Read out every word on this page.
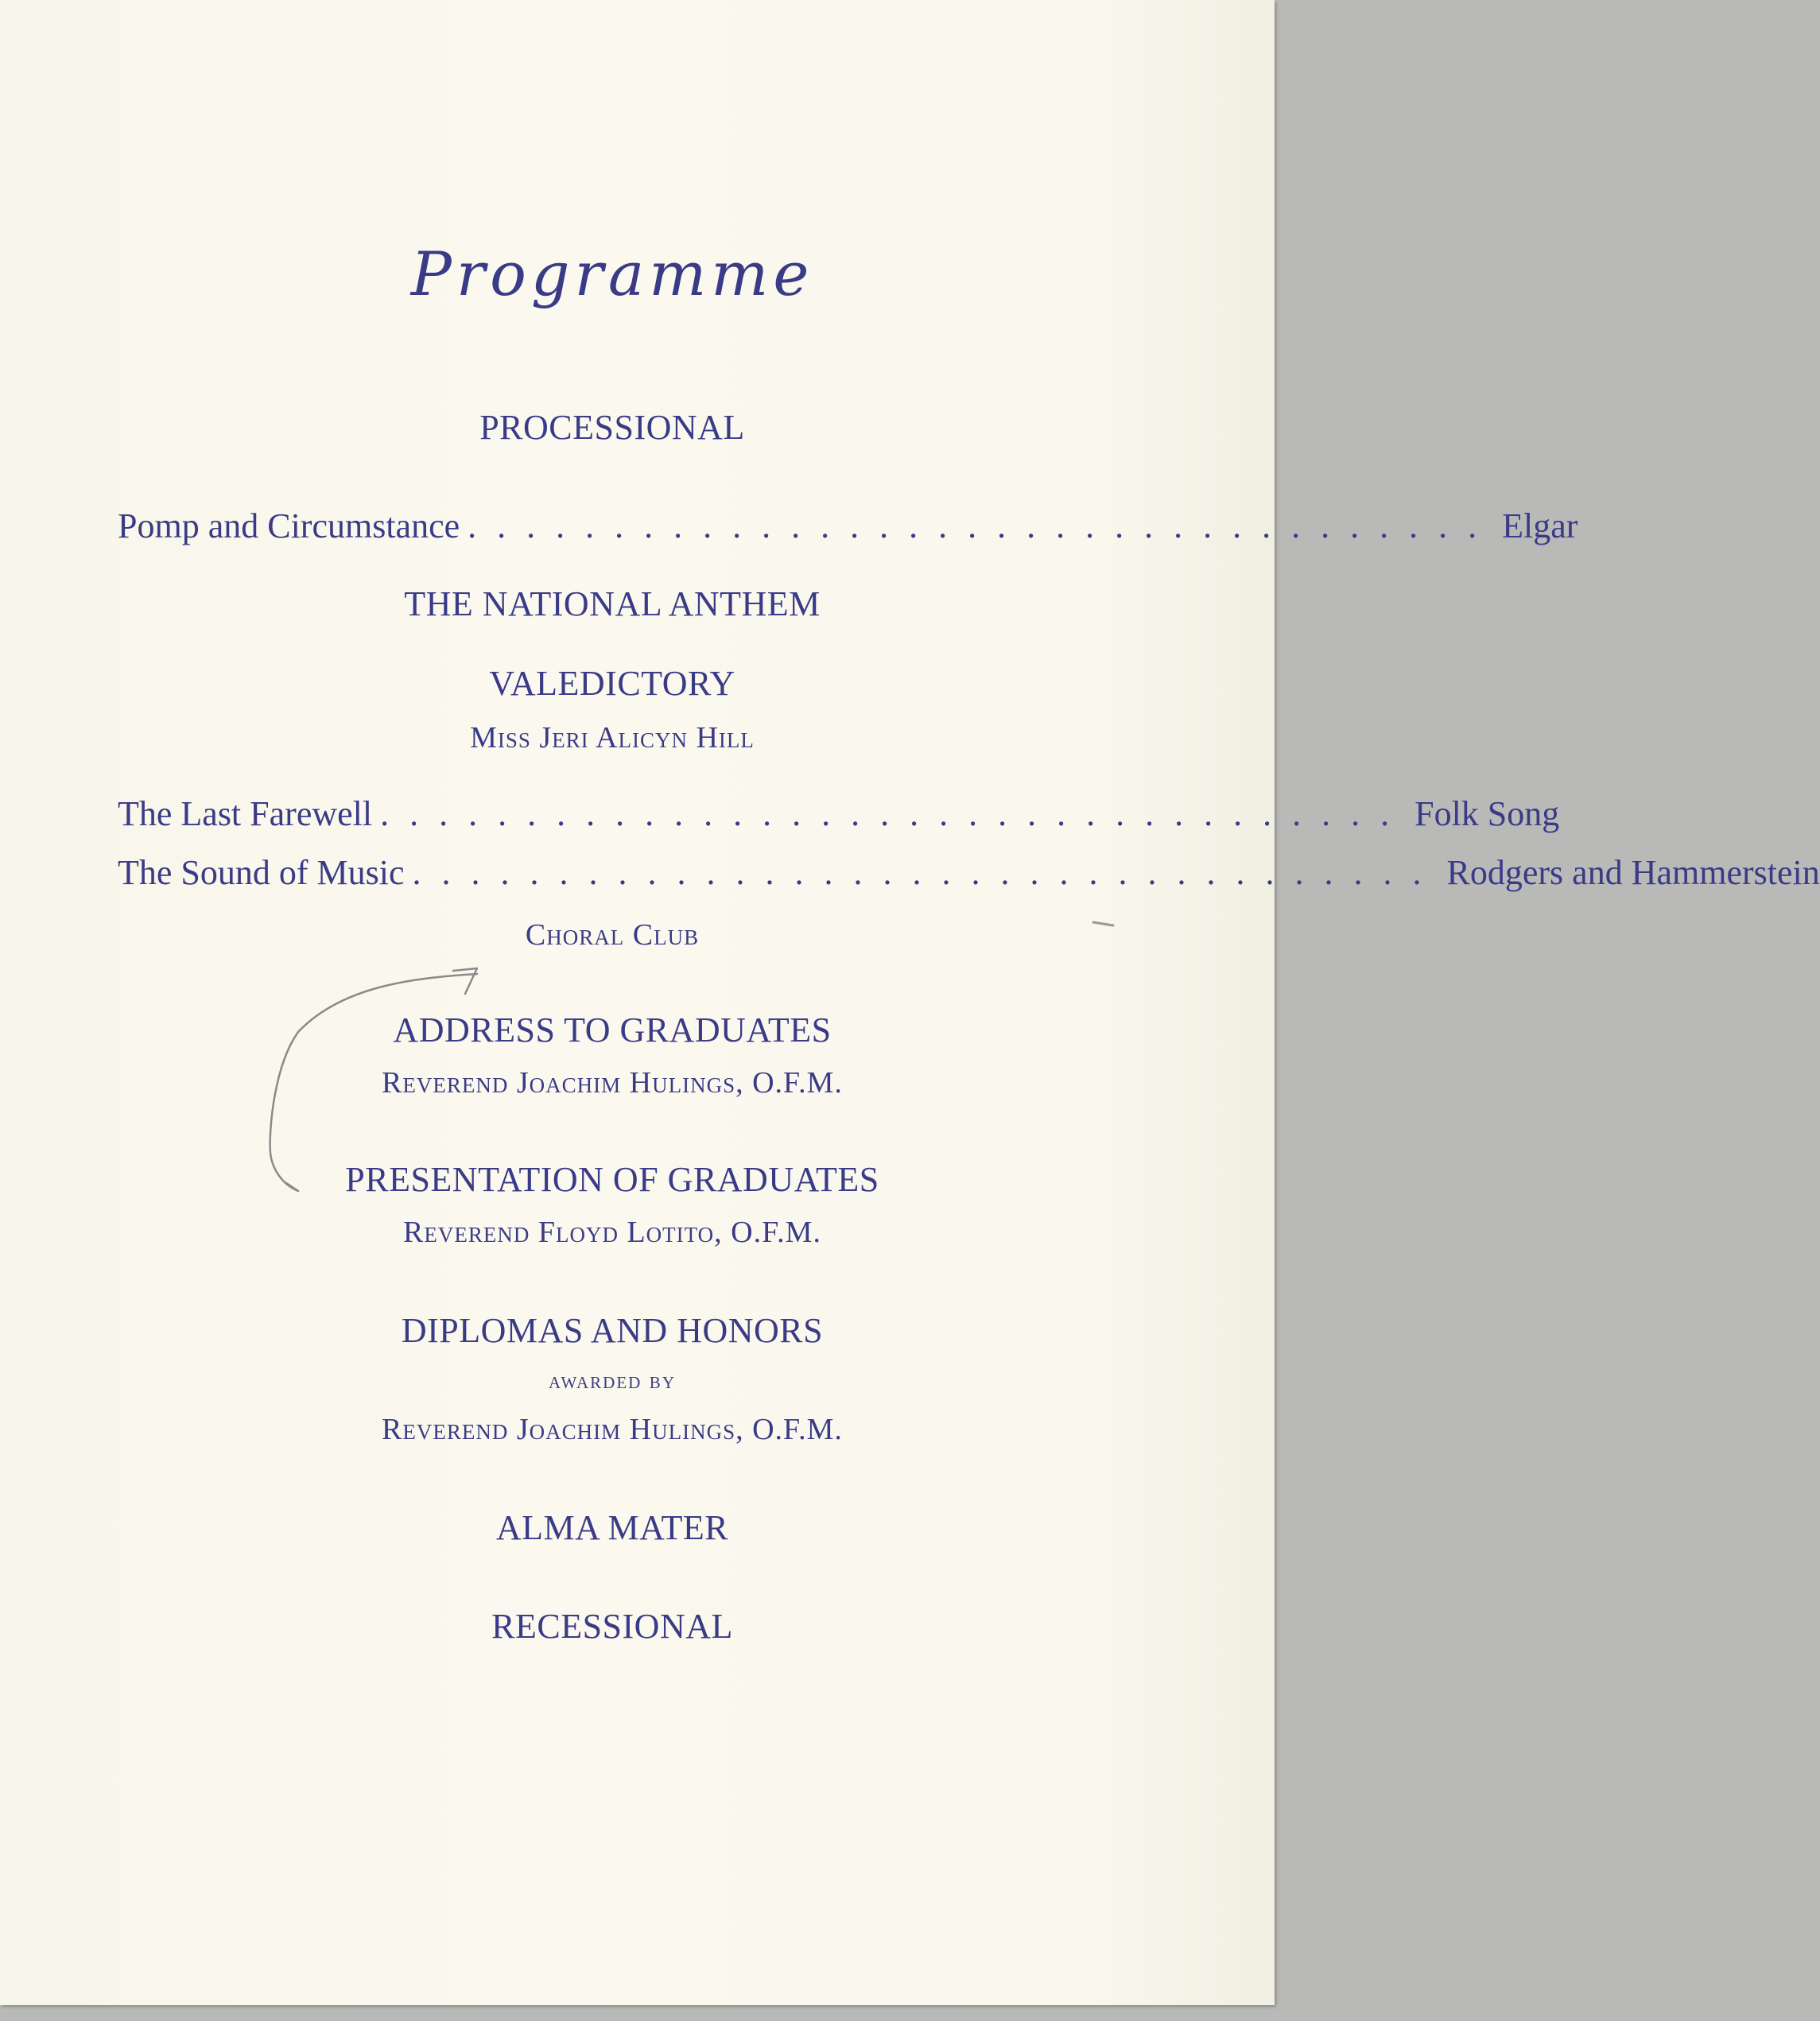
Programme
PROCESSIONAL
Pomp and Circumstance ................................... Elgar
THE NATIONAL ANTHEM
VALEDICTORY
Miss Jeri Alicyn Hill
The Last Farewell ................................... Folk Song
The Sound of Music ................................... Rodgers and Hammerstein
Choral Club
ADDRESS TO GRADUATES
Reverend Joachim Hulings, O.F.M.
PRESENTATION OF GRADUATES
Reverend Floyd Lotito, O.F.M.
DIPLOMAS AND HONORS
awarded by
Reverend Joachim Hulings, O.F.M.
ALMA MATER
RECESSIONAL
